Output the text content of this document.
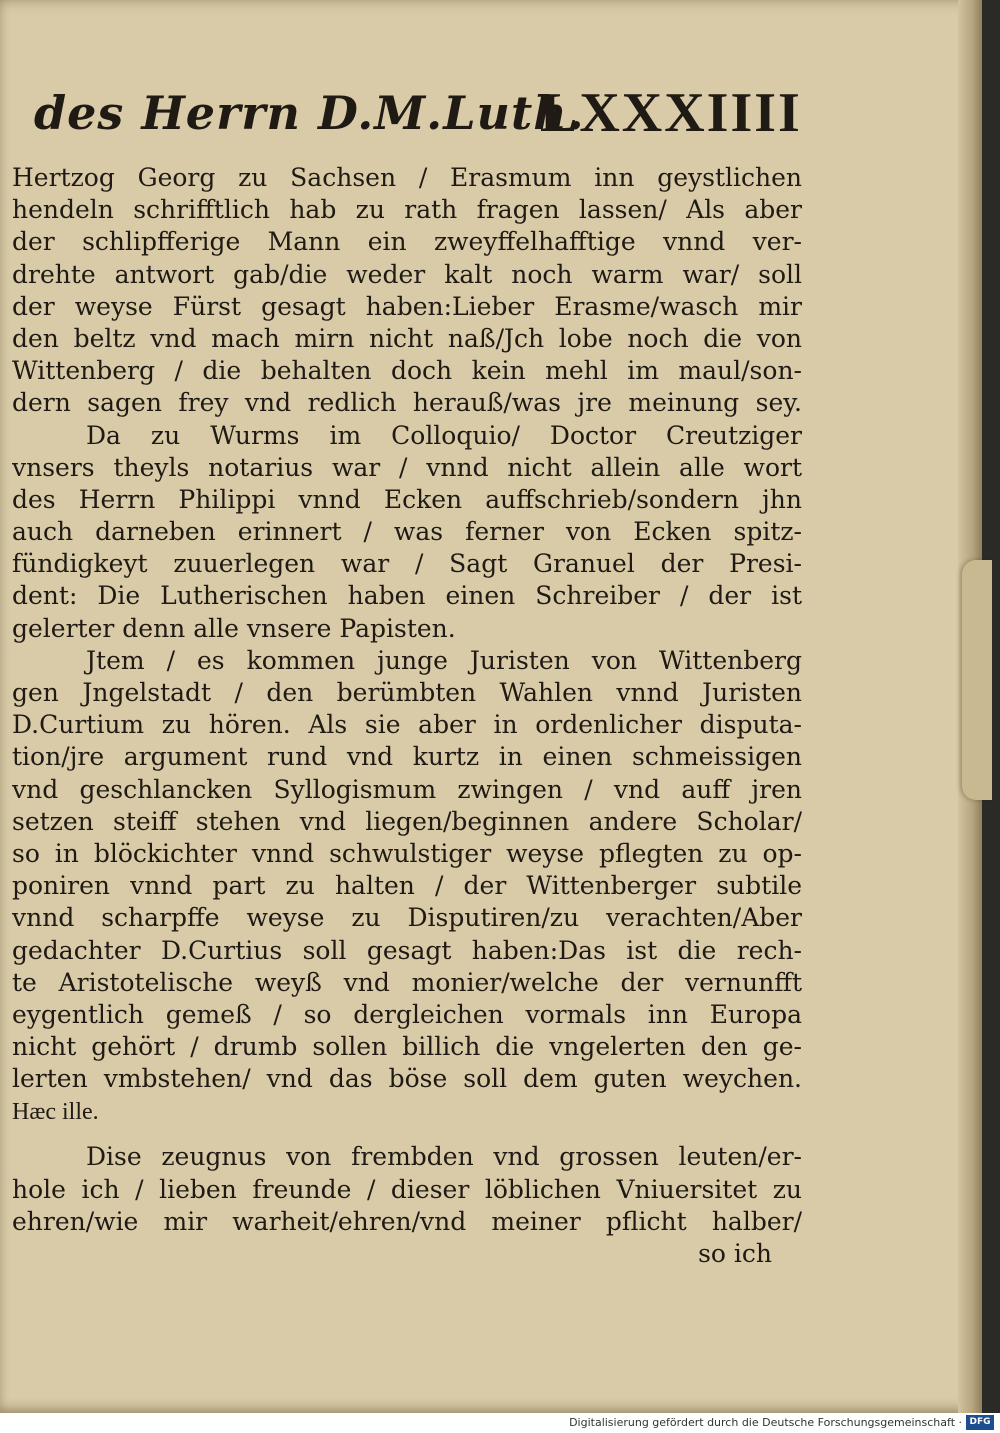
des Herrn D.M.Luth.
LXXXIIII
Hertzog Georg zu Sachsen / Erasmum inn geystlichen
hendeln schrifftlich hab zu rath fragen lassen/ Als aber
der schlipfferige Mann ein zweyffelhafftige vnnd ver-
drehte antwort gab/die weder kalt noch warm war/ soll
der weyse Fürst gesagt haben:Lieber Erasme/wasch mir
den beltz vnd mach mirn nicht naß/Jch lobe noch die von
Wittenberg / die behalten doch kein mehl im maul/son-
dern sagen frey vnd redlich herauß/was jre meinung sey.
Da zu Wurms im Colloquio/ Doctor Creutziger
vnsers theyls notarius war / vnnd nicht allein alle wort
des Herrn Philippi vnnd Ecken auffschrieb/sondern jhn
auch darneben erinnert / was ferner von Ecken spitz-
fündigkeyt zuuerlegen war / Sagt Granuel der Presi-
dent: Die Lutherischen haben einen Schreiber / der ist
gelerter denn alle vnsere Papisten.
Jtem / es kommen junge Juristen von Wittenberg
gen Jngelstadt / den berümbten Wahlen vnnd Juristen
D.Curtium zu hören. Als sie aber in ordenlicher disputa-
tion/jre argument rund vnd kurtz in einen schmeissigen
vnd geschlancken Syllogismum zwingen / vnd auff jren
setzen steiff stehen vnd liegen/beginnen andere Scholar/
so in blöckichter vnnd schwulstiger weyse pflegten zu op-
poniren vnnd part zu halten / der Wittenberger subtile
vnnd scharpffe weyse zu Disputiren/zu verachten/Aber
gedachter D.Curtius soll gesagt haben:Das ist die rech-
te Aristotelische weyß vnd monier/welche der vernunfft
eygentlich gemeß / so dergleichen vormals inn Europa
nicht gehört / drumb sollen billich die vngelerten den ge-
lerten vmbstehen/ vnd das böse soll dem guten weychen.
Hæc ille.
Dise zeugnus von frembden vnd grossen leuten/er-
hole ich / lieben freunde / dieser löblichen Vniuersitet zu
ehren/wie mir warheit/ehren/vnd meiner pflicht halber/
so ich
Digitalisierung gefördert durch die Deutsche Forschungsgemeinschaft · DFG
